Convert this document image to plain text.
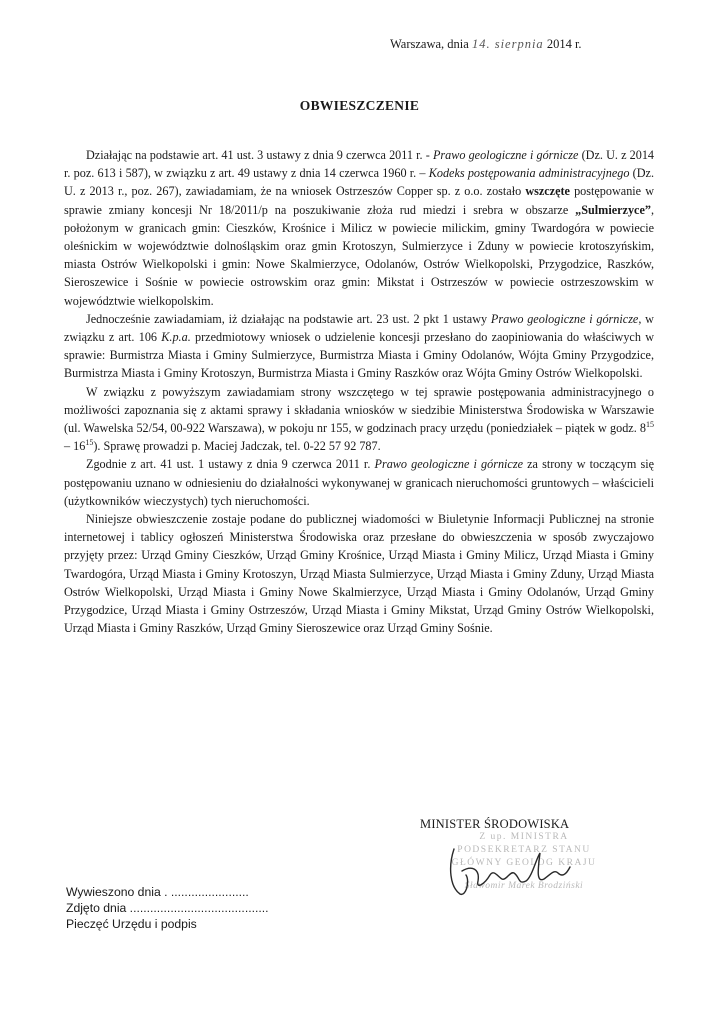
Warszawa, dnia 14. sierpnia 2014 r.
OBWIESZCZENIE

Działając na podstawie art. 41 ust. 3 ustawy z dnia 9 czerwca 2011 r. - Prawo geologiczne i górnicze (Dz. U. z 2014 r. poz. 613 i 587), w związku z art. 49 ustawy z dnia 14 czerwca 1960 r. – Kodeks postępowania administracyjnego (Dz. U. z 2013 r., poz. 267), zawiadamiam, że na wniosek Ostrzeszów Copper sp. z o.o. zostało wszczęte postępowanie w sprawie zmiany koncesji Nr 18/2011/p na poszukiwanie złoża rud miedzi i srebra w obszarze „Sulmierzyce”, położonym w granicach gmin: Cieszków, Krośnice i Milicz w powiecie milickim, gminy Twardogóra w powiecie oleśnickim w województwie dolnośląskim oraz gmin Krotoszyn, Sulmierzyce i Zduny w powiecie krotoszyńskim, miasta Ostrów Wielkopolski i gmin: Nowe Skalmierzyce, Odolanów, Ostrów Wielkopolski, Przygodzice, Raszków, Sieroszewice i Sośnie w powiecie ostrowskim oraz gmin: Mikstat i Ostrzeszów w powiecie ostrzeszowskim w województwie wielkopolskim.

Jednocześnie zawiadamiam, iż działając na podstawie art. 23 ust. 2 pkt 1 ustawy Prawo geologiczne i górnicze, w związku z art. 106 K.p.a. przedmiotowy wniosek o udzielenie koncesji przesłano do zaopiniowania do właściwych w sprawie: Burmistrza Miasta i Gminy Sulmierzyce, Burmistrza Miasta i Gminy Odolanów, Wójta Gminy Przygodzice, Burmistrza Miasta i Gminy Krotoszyn, Burmistrza Miasta i Gminy Raszków oraz Wójta Gminy Ostrów Wielkopolski.

W związku z powyższym zawiadamiam strony wszczętego w tej sprawie postępowania administracyjnego o możliwości zapoznania się z aktami sprawy i składania wniosków w siedzibie Ministerstwa Środowiska w Warszawie (ul. Wawelska 52/54, 00-922 Warszawa), w pokoju nr 155, w godzinach pracy urzędu (poniedziałek – piątek w godz. $8^{15} - 16^{15}$). Sprawę prowadzi p. Maciej Jadczak, tel. 0-22 57 92 787.

Zgodnie z art. 41 ust. 1 ustawy z dnia 9 czerwca 2011 r. Prawo geologiczne i górnicze za strony w toczącym się postępowaniu uznano w odniesieniu do działalności wykonywanej w granicach nieruchomości gruntowych – właścicieli (użytkowników wieczystych) tych nieruchomości.

Niniejsze obwieszczenie zostaje podane do publicznej wiadomości w Biuletynie Informacji Publicznej na stronie internetowej i tablicy ogłoszeń Ministerstwa Środowiska oraz przesłane do obwieszczenia w sposób zwyczajowo przyjęty przez: Urząd Gminy Cieszków, Urząd Gminy Krośnice, Urząd Miasta i Gminy Milicz, Urząd Miasta i Gminy Twardogóra, Urząd Miasta i Gminy Krotoszyn, Urząd Miasta Sulmierzyce, Urząd Miasta i Gminy Zduny, Urząd Miasta Ostrów Wielkopolski, Urząd Miasta i Gminy Nowe Skalmierzyce, Urząd Miasta i Gminy Odolanów, Urząd Gminy Przygodzice, Urząd Miasta i Gminy Ostrzeszów, Urząd Miasta i Gminy Mikstat, Urząd Gminy Ostrów Wielkopolski, Urząd Miasta i Gminy Raszków, Urząd Gminy Sieroszewice oraz Urząd Gminy Sośnie.

MINISTER ŚRODOWISKA
Z up. MINISTRA
PODSEKRETARZ STANU
GŁÓWNY GEOLOG KRAJU
Sławomir Marek Brodziński
Wywieszono dnia . .......................
Zdjęto dnia .........................................
Pieczęć Urzędu i podpis
